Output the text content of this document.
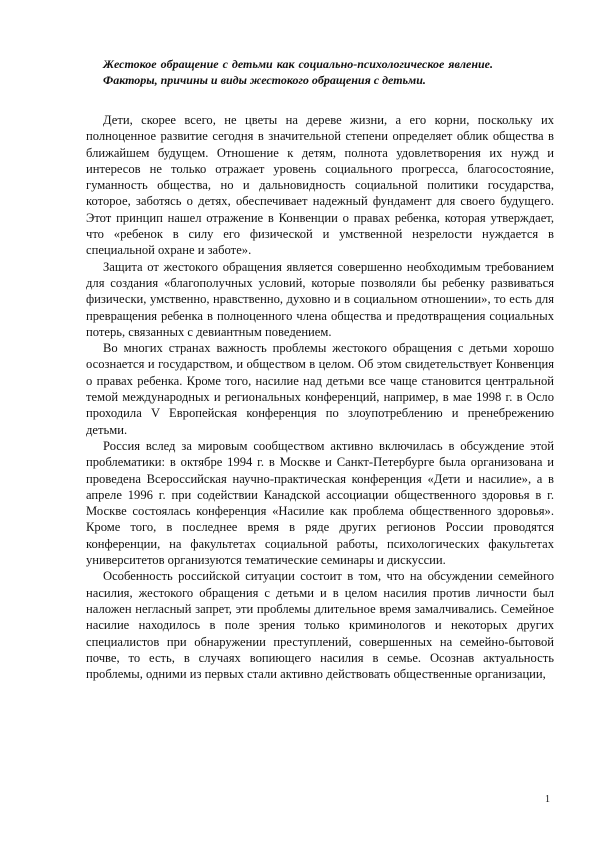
Жестокое обращение с детьми как социально-психологическое явление. Факторы, причины и виды жестокого обращения с детьми.

Дети, скорее всего, не цветы на дереве жизни, а его корни, поскольку их полноценное развитие сегодня в значительной степени определяет облик общества в ближайшем будущем. Отношение к детям, полнота удовлетворения их нужд и интересов не только отражает уровень социального прогресса, благосостояние, гуманность общества, но и дальновидность социальной политики государства, которое, заботясь о детях, обеспечивает надежный фундамент для своего будущего. Этот принцип нашел отражение в Конвенции о правах ребенка, которая утверждает, что «ребенок в силу его физической и умственной незрелости нуждается в специальной охране и заботе».

Защита от жестокого обращения является совершенно необходимым требованием для создания «благополучных условий, которые позволяли бы ребенку развиваться физически, умственно, нравственно, духовно и в социальном отношении», то есть для превращения ребенка в полноценного члена общества и предотвращения социальных потерь, связанных с девиантным поведением.

Во многих странах важность проблемы жестокого обращения с детьми хорошо осознается и государством, и обществом в целом. Об этом свидетельствует Конвенция о правах ребенка. Кроме того, насилие над детьми все чаще становится центральной темой международных и региональных конференций, например, в мае 1998 г. в Осло проходила V Европейская конференция по злоупотреблению и пренебрежению детьми.

Россия вслед за мировым сообществом активно включилась в обсуждение этой проблематики: в октябре 1994 г. в Москве и Санкт-Петербурге была организована и проведена Всероссийская научно-практическая конференция «Дети и насилие», а в апреле 1996 г. при содействии Канадской ассоциации общественного здоровья в г. Москве состоялась конференция «Насилие как проблема общественного здоровья». Кроме того, в последнее время в ряде других регионов России проводятся конференции, на факультетах социальной работы, психологических факультетах университетов организуются тематические семинары и дискуссии.

Особенность российской ситуации состоит в том, что на обсуждении семейного насилия, жестокого обращения с детьми и в целом насилия против личности был наложен негласный запрет, эти проблемы длительное время замалчивались. Семейное насилие находилось в поле зрения только криминологов и некоторых других специалистов при обнаружении преступлений, совершенных на семейно-бытовой почве, то есть, в случаях вопиющего насилия в семье. Осознав актуальность проблемы, одними из первых стали активно действовать общественные организации,

1
